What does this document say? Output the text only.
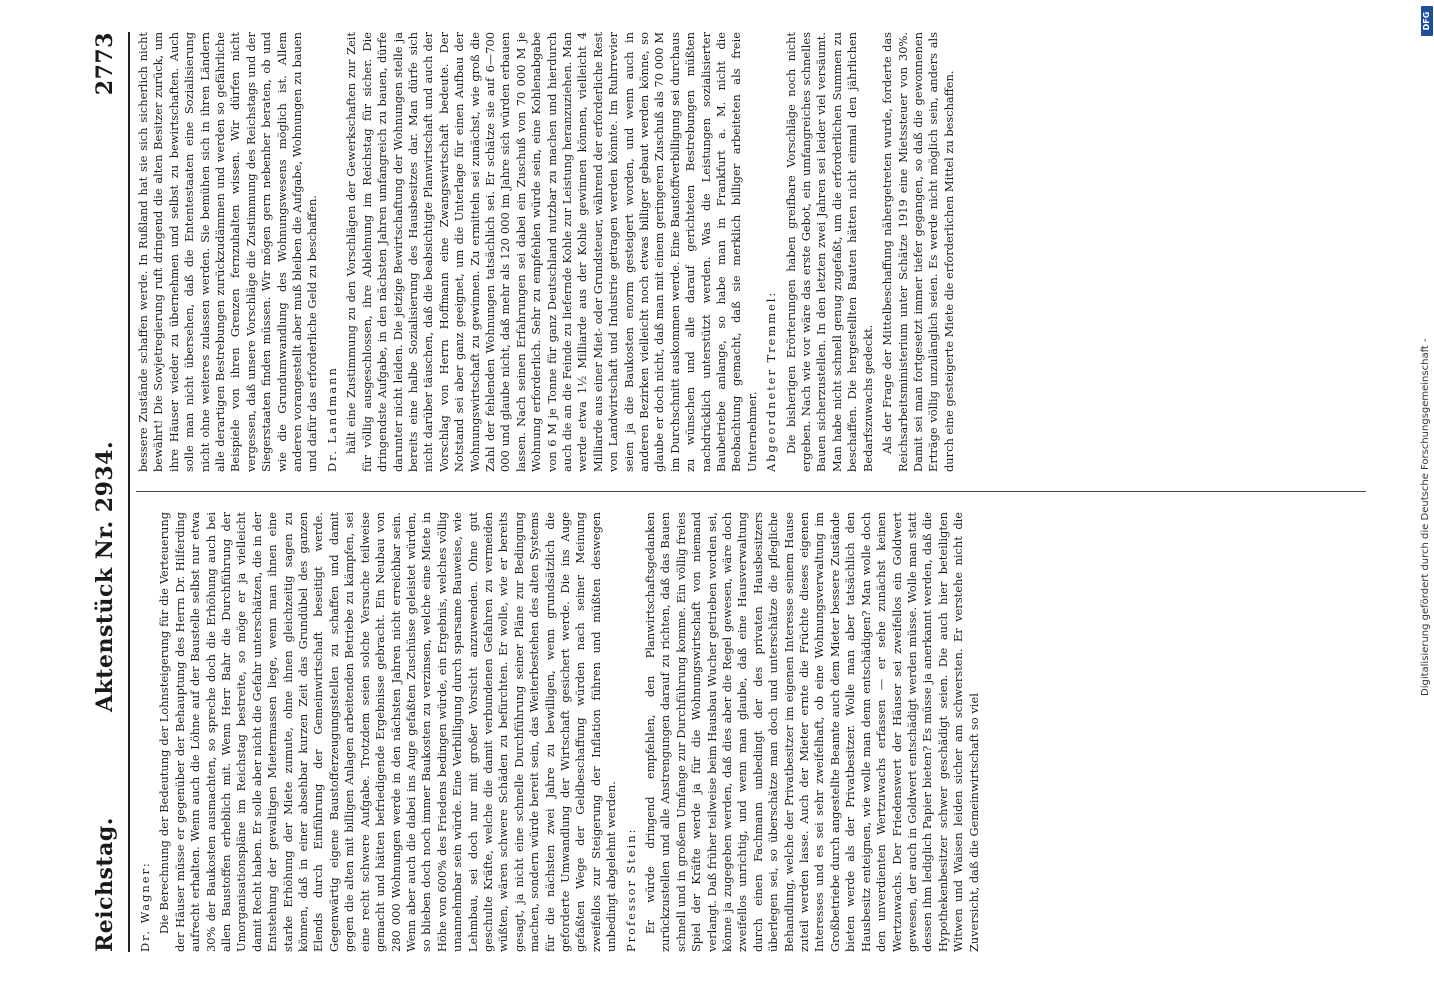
Reichstag.
Aktenstück Nr. 2934.
2773
Dr. Wagner: Die Berechnung der Bedeutung der Lohnsteigerung für die Verteuerung der Häuser müsse er gegenüber der Behauptung des Herrn Dr. Hilferding aufrecht erhalten. Wenn auch die Löhne auf der Baustelle selbst nur etwa 30% der Baukosten ausmachten, so spreche doch die Erhöhung auch bei allen Baustoffen erheblich mit. Wenn Herr Bahr die Durchführung der Umorganisationspläne im Reichstag bestreite, so möge er ja vielleicht damit Recht haben. Er solle aber nicht die Gefahr unterschätzen, die in der Entstehung der gewaltigen Mietermassen liege, wenn man ihnen eine starke Erhöhung der Miete zumute, ohne ihnen gleichzeitig sagen zu können, daß in einer absehbar kurzen Zeit das Grundübel des ganzen Elends durch Einführung der Gemeinwirtschaft beseitigt werde. Gegenwärtig eigene Baustofferzeugungsstellen zu schaffen und damit gegen die alten mit billigen Anlagen arbeitenden Betriebe zu kämpfen, sei eine recht schwere Aufgabe. Trotzdem seien solche Versuche teilweise gemacht und hätten befriedigende Ergebnisse gebracht. Ein Neubau von 280 000 Wohnungen werde in den nächsten Jahren nicht erreichbar sein. Wenn aber auch die dabei ins Auge gefaßten Zuschüsse geleistet würden, so blieben doch noch immer Baukosten zu verzinsen, welche eine Miete in Höhe von 600% des Friedens bedingen würde, ein Ergebnis, welches völlig unannehmbar sein würde. Eine Verbilligung durch sparsame Bauweise, wie Lehmbau, sei doch nur mit großer Vorsicht anzuwenden. Ohne gut geschulte Kräfte, welche die damit verbundenen Gefahren zu vermeiden wüßten, wären schwere Schäden zu befürchten. Er wolle, wie er bereits gesagt, ja nicht eine schnelle Durchführung seiner Pläne zur Bedingung machen, sondern würde bereit sein, das Weiterbestehen des alten Systems für die nächsten zwei Jahre zu bewilligen, wenn grundsätzlich die geforderte Umwandlung der Wirtschaft gesichert werde. Die ins Auge gefaßten Wege der Geldbeschaffung würden nach seiner Meinung zweifellos zur Steigerung der Inflation führen und müßten deswegen unbedingt abgelehnt werden. Professor Stein: Er würde dringend empfehlen, den Planwirtschaftsgedanken zurückzustellen und alle Anstrengungen darauf zu richten, daß das Bauen schnell und in großem Umfange zur Durchführung komme. Ein völlig freies Spiel der Kräfte werde ja für die Wohnungswirtschaft von niemand verlangt. Daß früher teilweise beim Hausbau Wucher getrieben worden sei, könne ja zugegeben werden, daß dies aber die Regel gewesen, wäre doch zweifellos unrichtig, und wenn man glaube, daß eine Hausverwaltung durch einen Fachmann unbedingt der des privaten Hausbesitzers überlegen sei, so überschätze man doch und unterschätze die pflegliche Behandlung, welche der Privatbesitzer im eigenen Interesse seinem Hause zuteil werden lasse. Auch der Mieter ernte die Früchte dieses eigenen Interesses und es sei sehr zweifelhaft, ob eine Wohnungsverwaltung im Großbetriebe durch angestellte Beamte auch dem Mieter bessere Zustände bieten werde als der Privatbesitzer. Wolle man aber tatsächlich den Hausbesitz enteignen, wie wolle man denn entschädigen? Man wolle doch den unverdienten Wertzuwachs erfassen — er sehe zunächst keinen Wertzuwachs. Der Friedenswert der Häuser sei zweifellos ein Goldwert gewesen, der auch in Goldwert entschädigt werden müsse. Wolle man statt dessen ihm lediglich Papier bieten? Es müsse ja anerkannt werden, daß die Hypothekenbesitzer schwer geschädigt seien. Die auch hier beteiligten Witwen und Waisen leiden sicher am schwersten. Er verstehe nicht die Zuversicht, daß die Gemeinwirtschaft so viel

bessere Zustände schaffen werde. In Rußland hat sie sich sicherlich nicht bewährt! Die Sowjetregierung ruft dringend die alten Besitzer zurück, um ihre Häuser wieder zu übernehmen und selbst zu bewirtschaften. Auch solle man nicht übersehen, daß die Ententestaaten eine Sozialisierung nicht ohne weiteres zulassen werden. Sie bemühen sich in ihren Ländern alle derartigen Bestrebungen zurückzudämmen und werden so gefährliche Beispiele von ihren Grenzen fernzuhalten wissen. Wir dürfen nicht vergessen, daß unsere Vorschläge die Zustimmung des Reichstags und der Siegerstaaten finden müssen. Wir mögen gern nebenher beraten, ob und wie die Grundumwandlung des Wohnungswesens möglich ist. Allem anderen vorangestellt aber muß bleiben die Aufgabe, Wohnungen zu bauen und dafür das erforderliche Geld zu beschaffen. Dr. Landmann hält eine Zustimmung zu den Vorschlägen der Gewerkschaften zur Zeit für völlig ausgeschlossen, ihre Ablehnung im Reichstag für sicher. Die dringendste Aufgabe, in den nächsten Jahren umfangreich zu bauen, dürfe darunter nicht leiden. Die jetzige Bewirtschaftung der Wohnungen stelle ja bereits eine halbe Sozialisierung des Hausbesitzes dar. Man dürfe sich nicht darüber täuschen, daß die beabsichtigte Planwirtschaft und auch der Vorschlag von Herrn Hoffmann eine Zwangswirtschaft bedeute. Der Notstand sei aber ganz geeignet, um die Unterlage für einen Aufbau der Wohnungswirtschaft zu gewinnen. Zu ermitteln sei zunächst, wie groß die Zahl der fehlenden Wohnungen tatsächlich sei. Er schätze sie auf 6—700 000 und glaube nicht, daß mehr als 120 000 im Jahre sich würden erbauen lassen. Nach seinen Erfahrungen sei dabei ein Zuschuß von 70 000 M je Wohnung erforderlich. Sehr zu empfehlen würde sein, eine Kohlenabgabe von 6 M je Tonne für ganz Deutschland nutzbar zu machen und hierdurch auch die an die Feinde zu liefernde Kohle zur Leistung heranzuziehen. Man werde etwa 1½ Milliarde aus der Kohle gewinnen können, vielleicht 4 Milliarde aus einer Miet- oder Grundsteuer, während der erforderliche Rest von Landwirtschaft und Industrie getragen werden könnte. Im Ruhrrevier seien ja die Baukosten enorm gesteigert worden, und wenn auch in anderen Bezirken vielleicht noch etwas billiger gebaut werden könne, so glaube er doch nicht, daß man mit einem geringeren Zuschuß als 70 000 M im Durchschnitt auskommen werde. Eine Baustoffverbilligung sei durchaus zu wünschen und alle darauf gerichteten Bestrebungen müßten nachdrücklich unterstützt werden. Was die Leistungen sozialisierter Baubetriebe anlange, so habe man in Frankfurt a. M. nicht die Beobachtung gemacht, daß sie merklich billiger arbeiteten als freie Unternehmer. Abgeordneter Tremmel: Die bisherigen Erörterungen haben greifbare Vorschläge noch nicht ergeben. Nach wie vor wäre das erste Gebot, ein umfangreiches schnelles Bauen sicherzustellen. In den letzten zwei Jahren sei leider viel versäumt. Man habe nicht schnell genug zugefaßt, um die erforderlichen Summen zu beschaffen. Die hergestellten Bauten hätten nicht einmal den jährlichen Bedarfszuwachs gedeckt. Als der Frage der Mittelbeschaffung nähergetreten wurde, forderte das Reichsarbeitsministerium unter Schätze 1919 eine Mietssteuer von 30%. Damit sei man fortgesetzt immer tiefer gegangen, so daß die gewonnenen Erträge völlig unzulänglich seien. Es werde nicht möglich sein, anders als durch eine gesteigerte Miete die erforderlichen Mittel zu beschaffen.

Digitalisierung gefördert durch die Deutsche Forschungsgemeinschaft -
DFG
